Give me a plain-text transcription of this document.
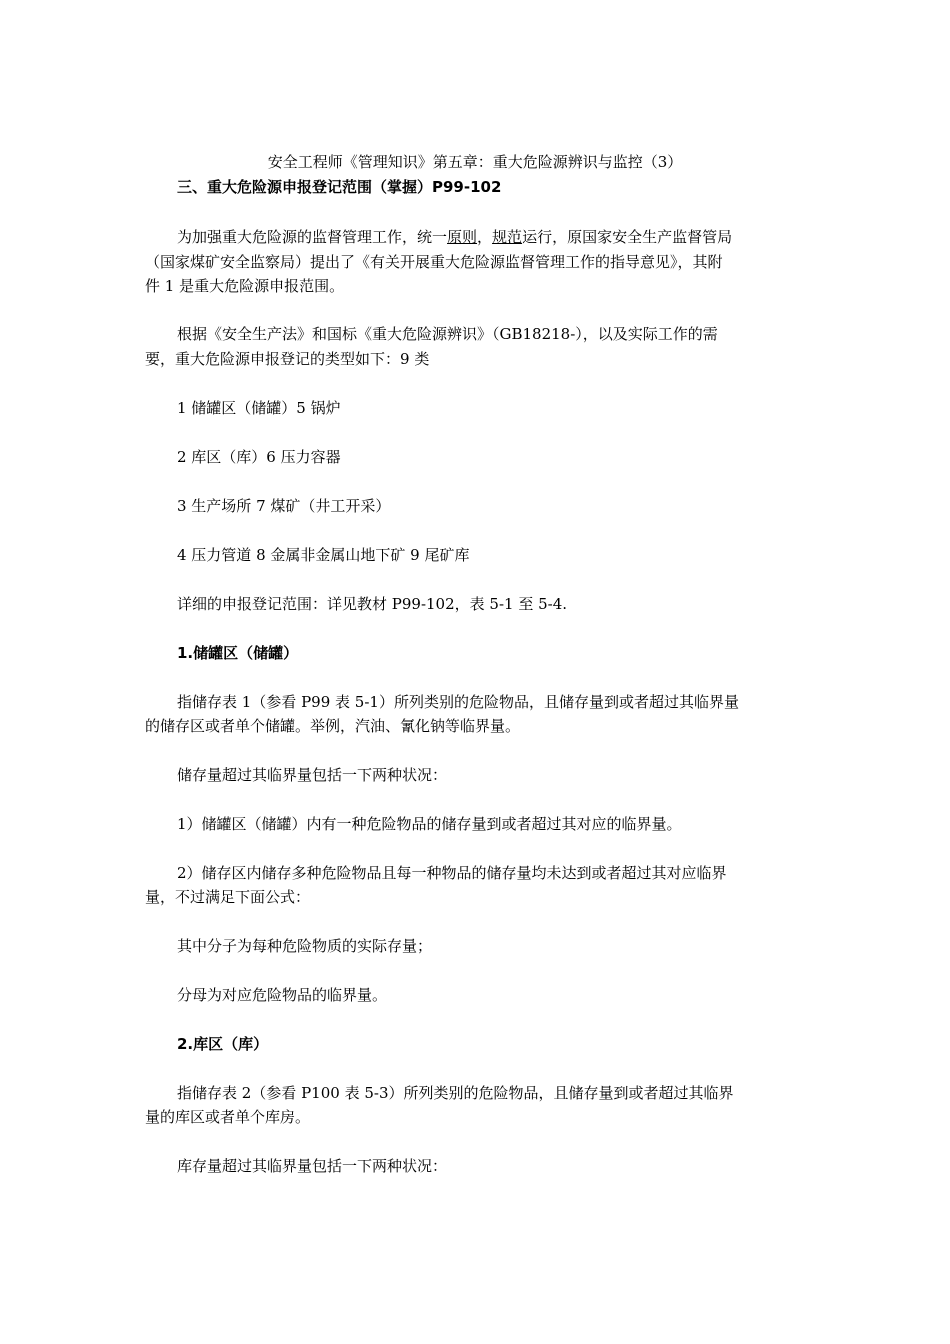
安全工程师《管理知识》第五章：重大危险源辨识与监控（3）
三、重大危险源申报登记范围（掌握）P99-102
为加强重大危险源的监督管理工作，统一原则，规范运行，原国家安全生产监督管局
（国家煤矿安全监察局）提出了《有关开展重大危险源监督管理工作的指导意见》，其附
件 1 是重大危险源申报范围。
根据《安全生产法》和国标《重大危险源辨识》（GB18218-），以及实际工作的需
要，重大危险源申报登记的类型如下：9 类
1 储罐区（储罐）5 锅炉
2 库区（库）6 压力容器
3 生产场所 7 煤矿（井工开采）
4 压力管道 8 金属非金属山地下矿 9 尾矿库
详细的申报登记范围：详见教材 P99-102，表 5-1 至 5-4.
1.储罐区（储罐）
指储存表 1（参看 P99 表 5-1）所列类别的危险物品，且储存量到或者超过其临界量
的储存区或者单个储罐。举例，汽油、氰化钠等临界量。
储存量超过其临界量包括一下两种状况：
1）储罐区（储罐）内有一种危险物品的储存量到或者超过其对应的临界量。
2）储存区内储存多种危险物品且每一种物品的储存量均未达到或者超过其对应临界
量，不过满足下面公式：
其中分子为每种危险物质的实际存量；
分母为对应危险物品的临界量。
2.库区（库）
指储存表 2（参看 P100 表 5-3）所列类别的危险物品，且储存量到或者超过其临界
量的库区或者单个库房。
库存量超过其临界量包括一下两种状况：
